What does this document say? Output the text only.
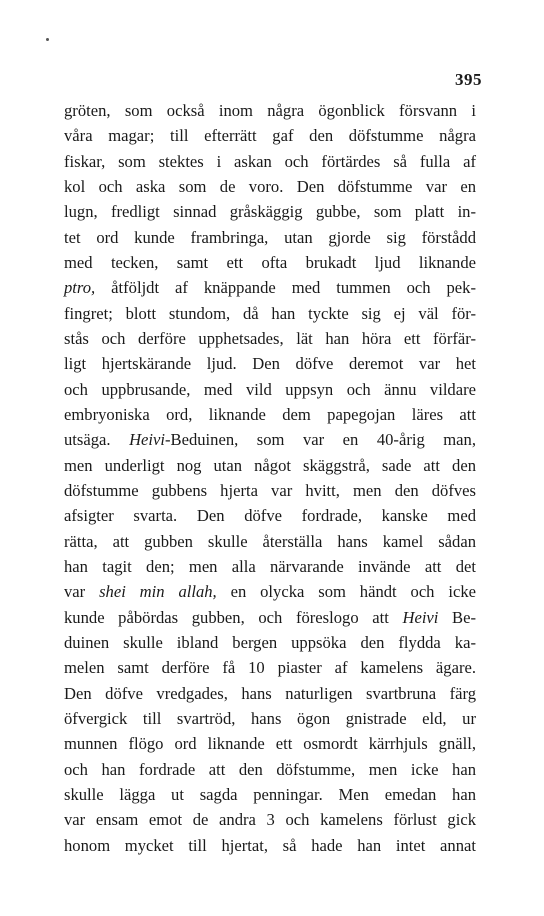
395
gröten, som också inom några ögonblick försvann i
våra magar; till efterrätt gaf den döfstumme några
fiskar, som stektes i askan och förtärdes så fulla af
kol och aska som de voro. Den döfstumme var en
lugn, fredligt sinnad gråskäggig gubbe, som platt in-
tet ord kunde frambringa, utan gjorde sig förstådd
med tecken, samt ett ofta brukadt ljud liknande
ptro, åtföljdt af knäppande med tummen och pek-
fingret; blott stundom, då han tyckte sig ej väl för-
stås och derföre upphetsades, lät han höra ett förfär-
ligt hjertskärande ljud. Den döfve deremot var het
och uppbrusande, med vild uppsyn och ännu vildare
embryoniska ord, liknande dem papegojan läres att
utsäga. Heivi-Beduinen, som var en 40-årig man,
men underligt nog utan något skäggstrå, sade att den
döfstumme gubbens hjerta var hvitt, men den döfves
afsigter svarta. Den döfve fordrade, kanske med
rätta, att gubben skulle återställa hans kamel sådan
han tagit den; men alla närvarande invände att det
var shei min allah, en olycka som händt och icke
kunde påbördas gubben, och föreslogo att Heivi Be-
duinen skulle ibland bergen uppsöka den flydda ka-
melen samt derföre få 10 piaster af kamelens ägare.
Den döfve vredgades, hans naturligen svartbruna färg
öfvergick till svartröd, hans ögon gnistrade eld, ur
munnen flögo ord liknande ett osmordt kärrhjuls gnäll,
och han fordrade att den döfstumme, men icke han
skulle lägga ut sagda penningar. Men emedan han
var ensam emot de andra 3 och kamelens förlust gick
honom mycket till hjertat, så hade han intet annat
